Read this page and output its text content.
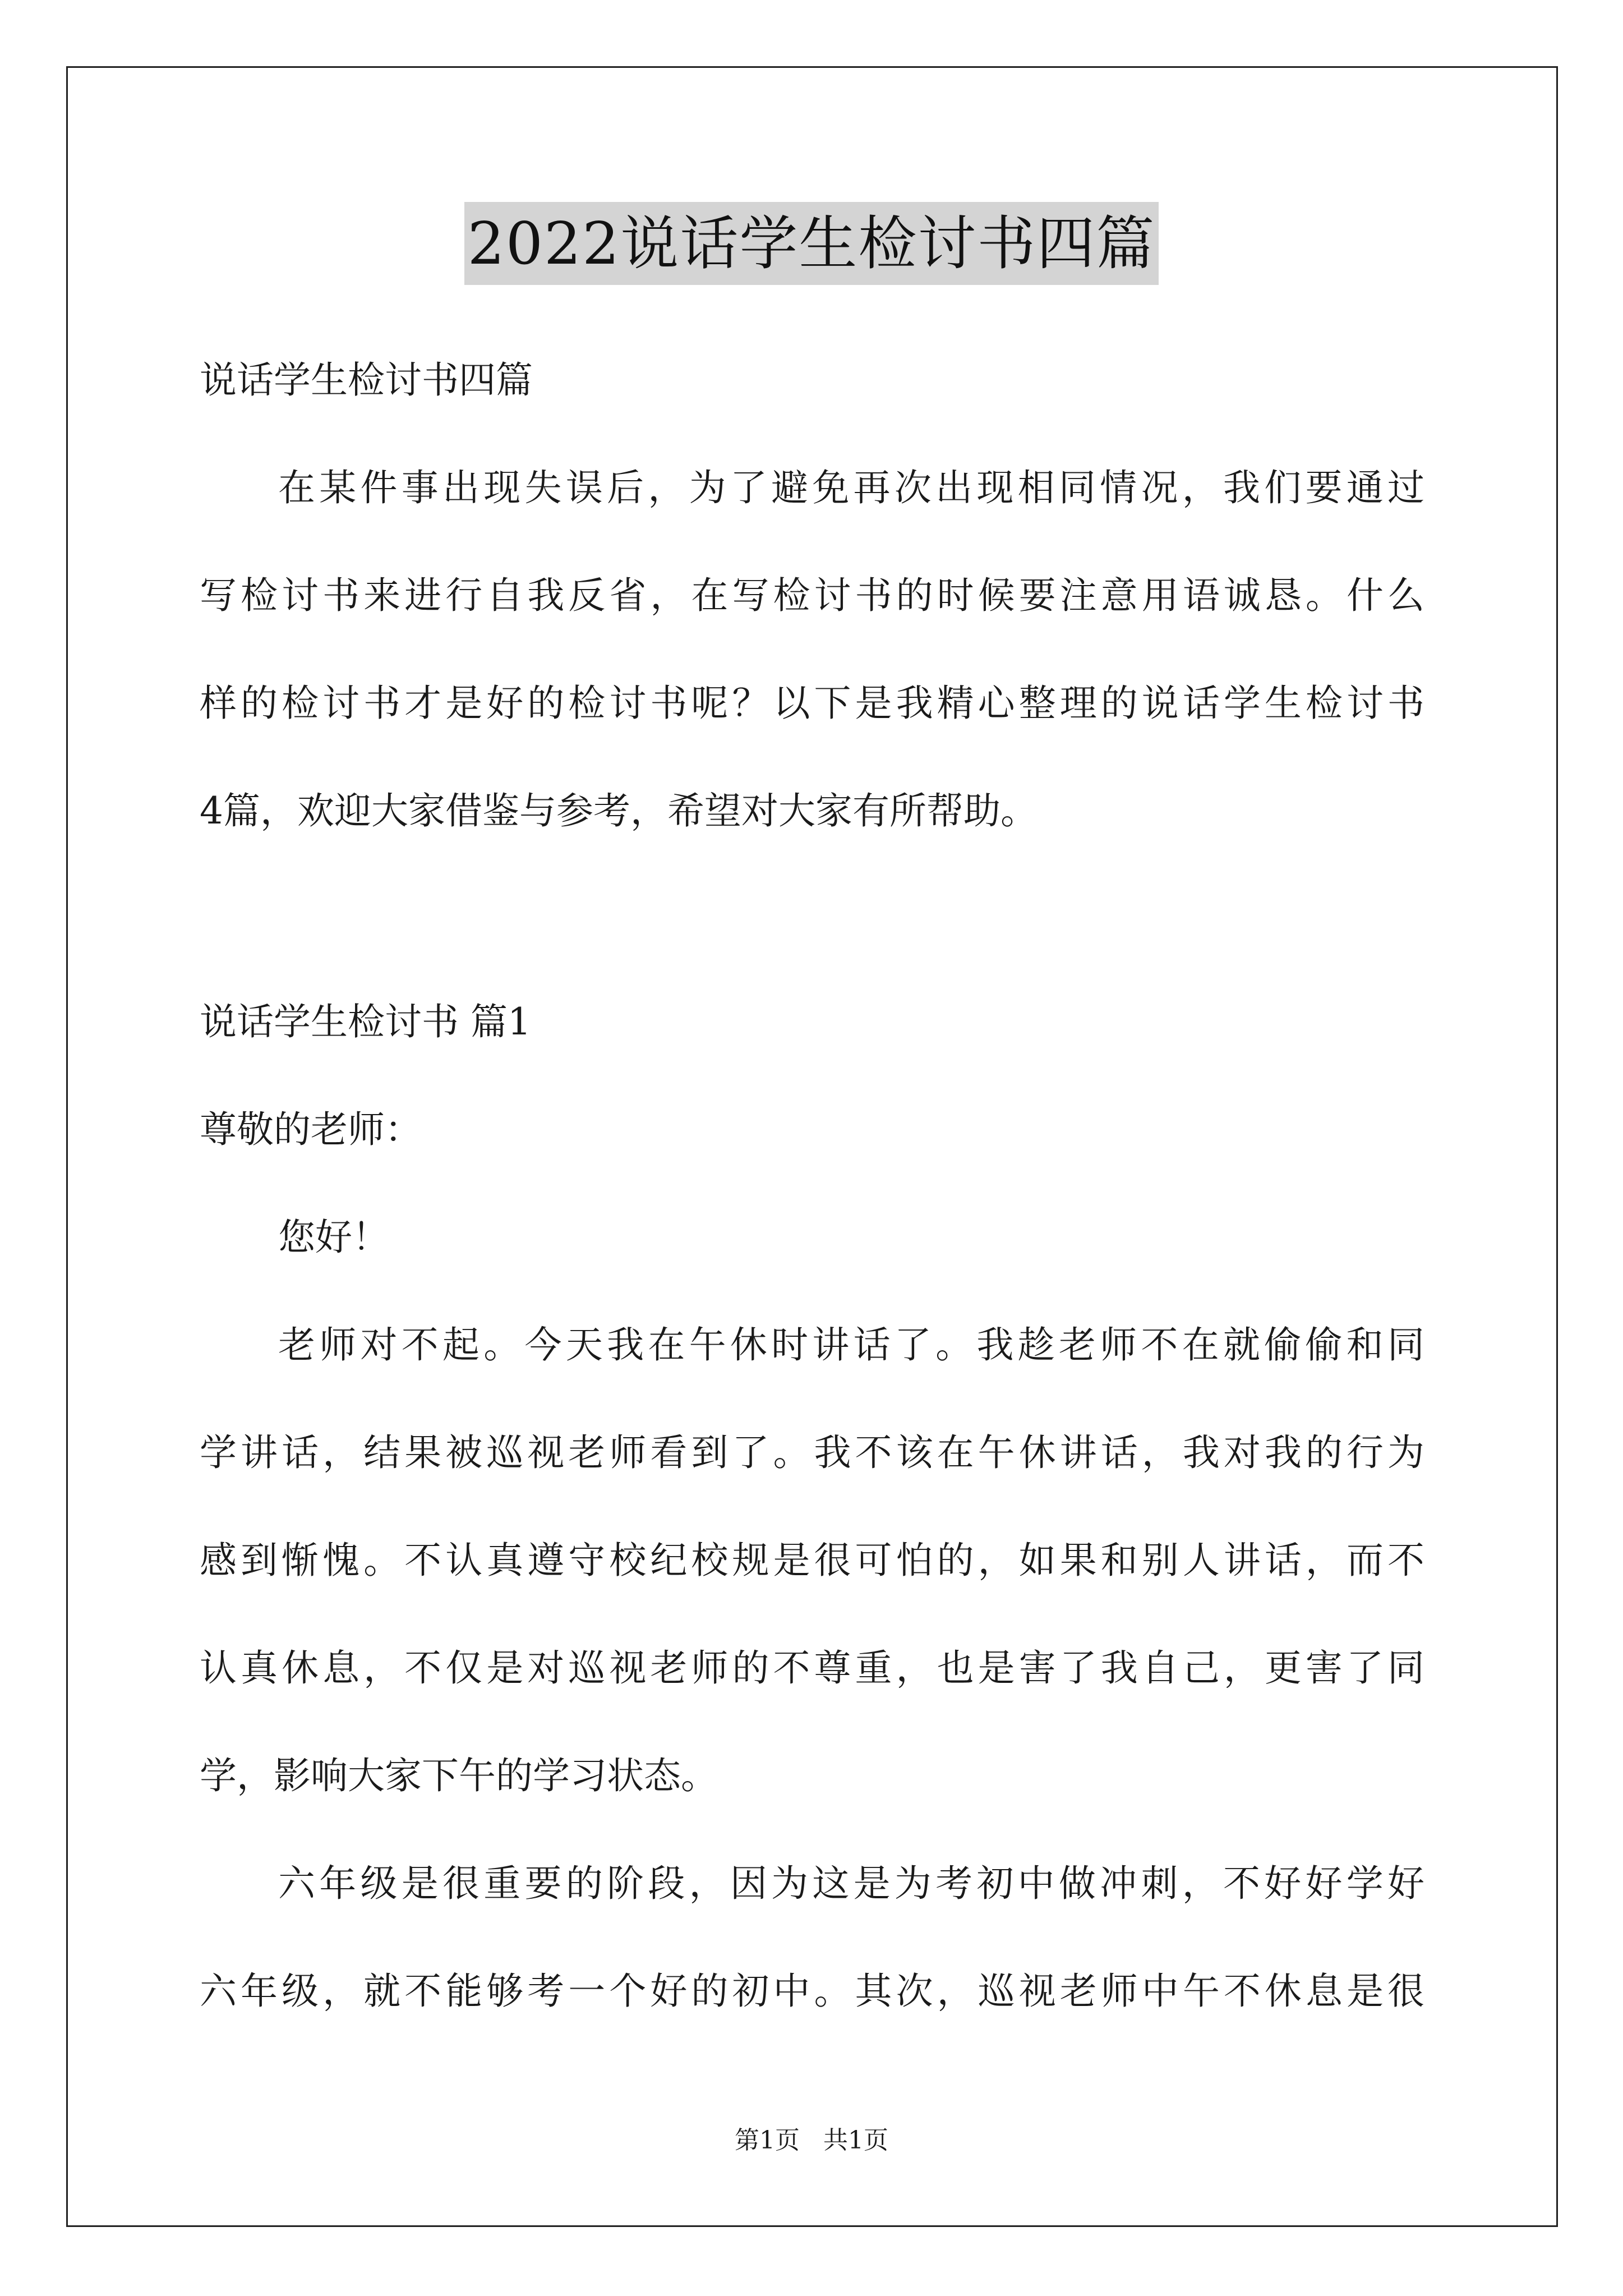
2022说话学生检讨书四篇
说话学生检讨书四篇
在某件事出现失误后，为了避免再次出现相同情况，我们要通过
写检讨书来进行自我反省，在写检讨书的时候要注意用语诚恳。什么
样的检讨书才是好的检讨书呢？以下是我精心整理的说话学生检讨书
4篇，欢迎大家借鉴与参考，希望对大家有所帮助。
说话学生检讨书 篇1
尊敬的老师：
您好！
老师对不起。今天我在午休时讲话了。我趁老师不在就偷偷和同
学讲话，结果被巡视老师看到了。我不该在午休讲话，我对我的行为
感到惭愧。不认真遵守校纪校规是很可怕的，如果和别人讲话，而不
认真休息，不仅是对巡视老师的不尊重，也是害了我自己，更害了同
学，影响大家下午的学习状态。
六年级是很重要的阶段，因为这是为考初中做冲刺，不好好学好
六年级，就不能够考一个好的初中。其次，巡视老师中午不休息是很
第1页 共1页
